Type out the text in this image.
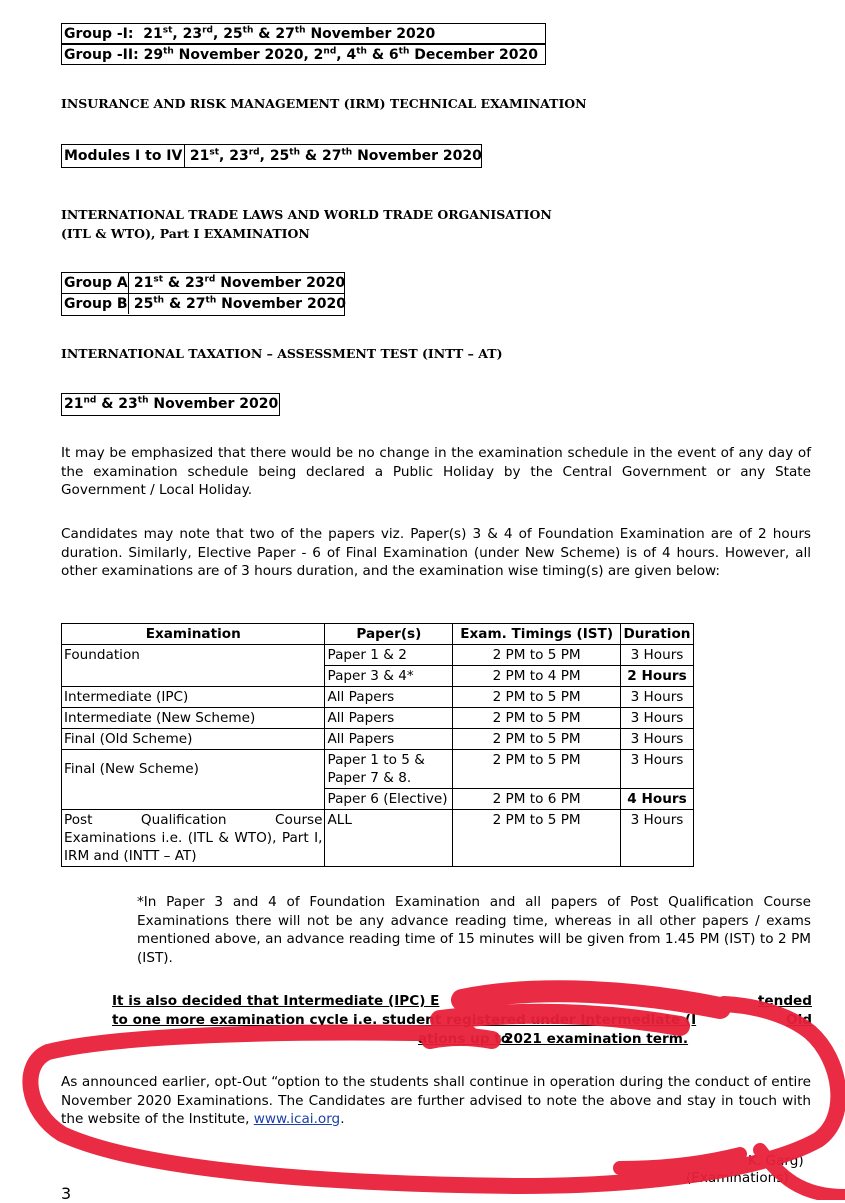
Group -I: 21st, 23rd, 25th & 27th November 2020
Group -II: 29th November 2020, 2nd, 4th & 6th December 2020
INSURANCE AND RISK MANAGEMENT (IRM) TECHNICAL EXAMINATION
Modules I to IV 21st, 23rd, 25th & 27th November 2020
INTERNATIONAL TRADE LAWS AND WORLD TRADE ORGANISATION
(ITL & WTO), Part I EXAMINATION
Group A 21st & 23rd November 2020
Group B 25th & 27th November 2020
INTERNATIONAL TAXATION – ASSESSMENT TEST (INTT – AT)
21nd & 23th November 2020
It may be emphasized that there would be no change in the examination schedule in the event of any day of the examination schedule being declared a Public Holiday by the Central Government or any State Government / Local Holiday.
Candidates may note that two of the papers viz. Paper(s) 3 & 4 of Foundation Examination are of 2 hours duration. Similarly, Elective Paper - 6 of Final Examination (under New Scheme) is of 4 hours. However, all other examinations are of 3 hours duration, and the examination wise timing(s) are given below:
Examination	Paper(s)	Exam. Timings (IST)	Duration
Foundation	Paper 1 & 2	2 PM to 5 PM	3 Hours
	Paper 3 & 4*	2 PM to 4 PM	2 Hours
Intermediate (IPC)	All Papers	2 PM to 5 PM	3 Hours
Intermediate (New Scheme)	All Papers	2 PM to 5 PM	3 Hours
Final (Old Scheme)	All Papers	2 PM to 5 PM	3 Hours
Final (New Scheme)	Paper 1 to 5 & Paper 7 & 8.	2 PM to 5 PM	3 Hours
	Paper 6 (Elective)	2 PM to 6 PM	4 Hours
Post Qualification Course Examinations i.e. (ITL & WTO), Part I, IRM and (INTT – AT)	ALL	2 PM to 5 PM	3 Hours
*In Paper 3 and 4 of Foundation Examination and all papers of Post Qualification Course Examinations there will not be any advance reading time, whereas in all other papers / exams mentioned above, an advance reading time of 15 minutes will be given from 1.45 PM (IST) to 2 PM (IST).
It is also decided that Intermediate (IPC) E	tended
to one more examination cycle i.e. student registered under Intermediate (I	Old
ations up to
2021 examination term.
As announced earlier, opt-Out “option to the students shall continue in operation during the conduct of entire November 2020 Examinations. The Candidates are further advised to note the above and stay in touch with the website of the Institute, www.icai.org.
K. Garg)
(Examinations)
3
